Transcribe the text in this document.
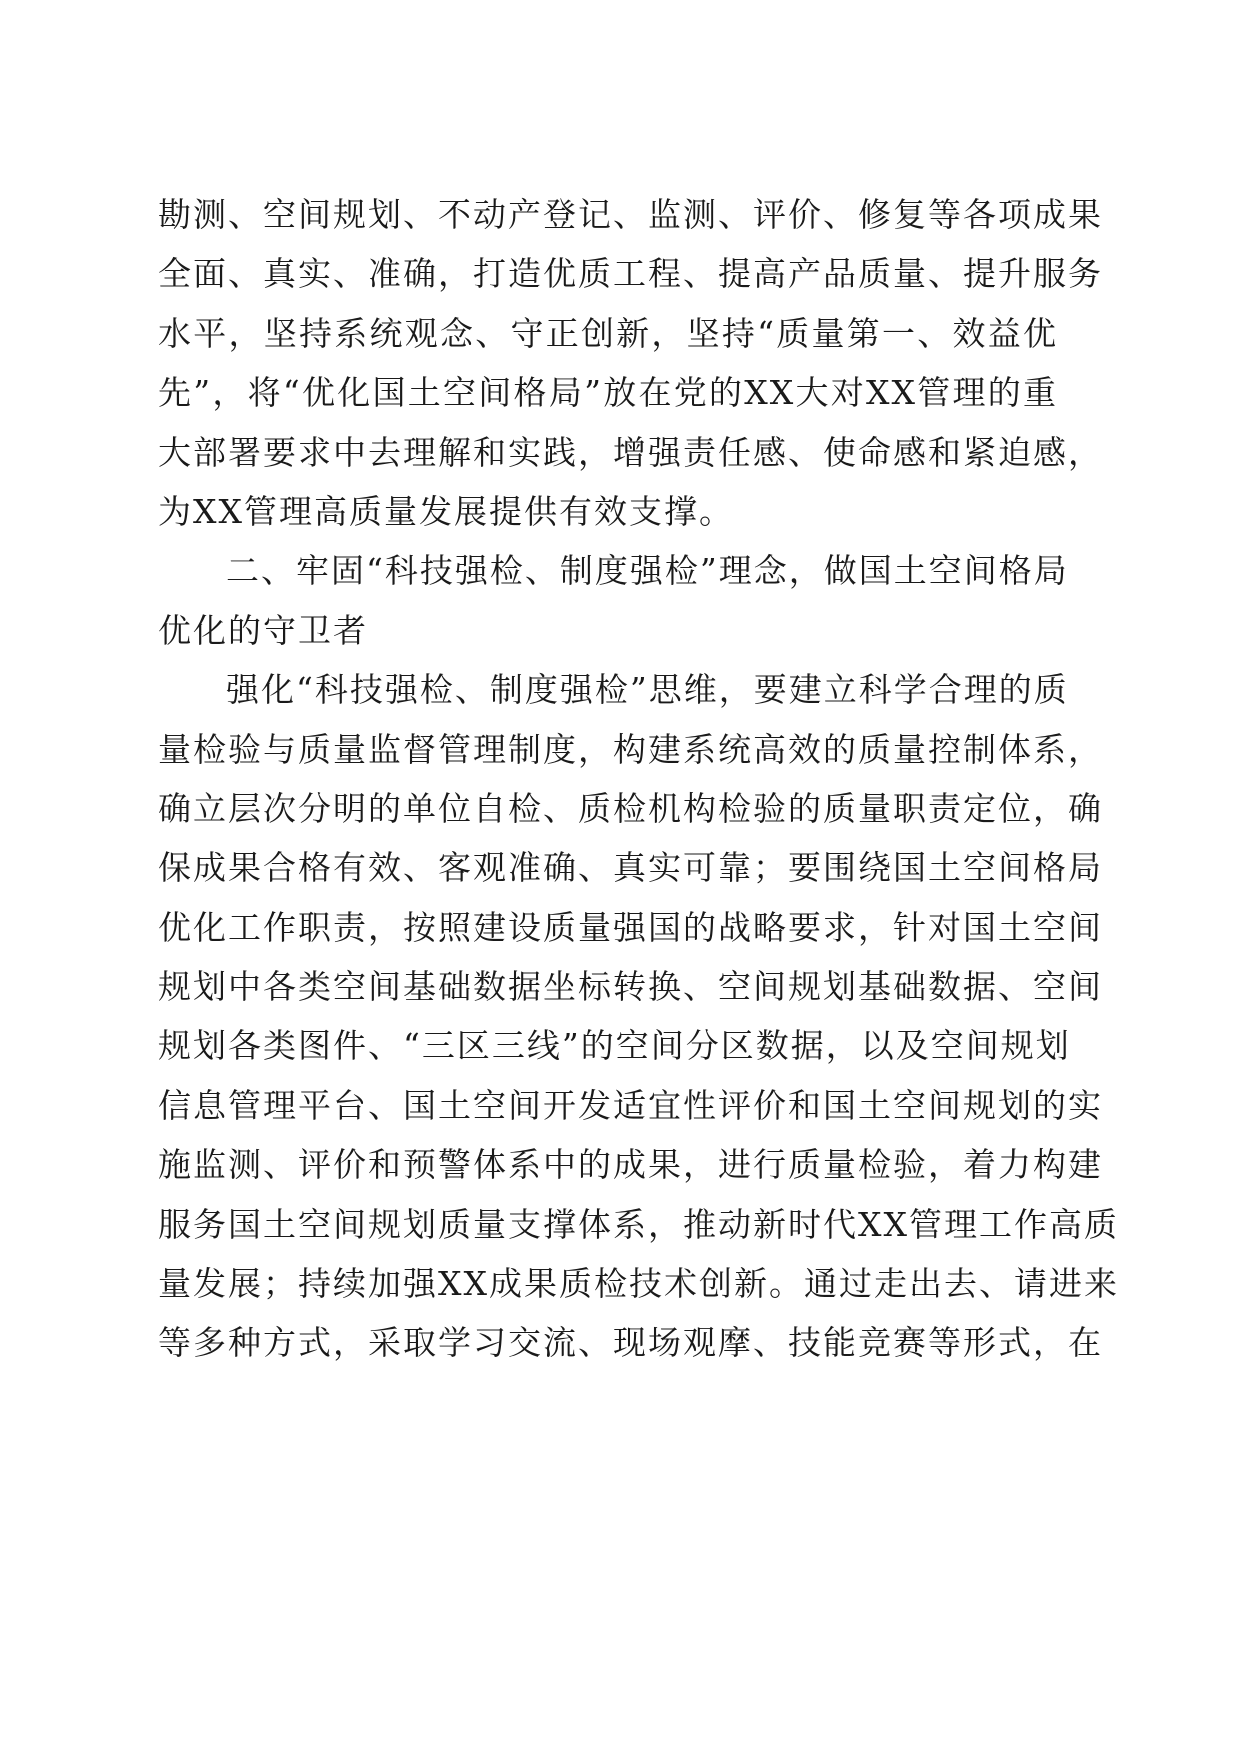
勘测、空间规划、不动产登记、监测、评价、修复等各项成果
全面、真实、准确，打造优质工程、提高产品质量、提升服务
水平，坚持系统观念、守正创新，坚持“质量第一、效益优
先”，将“优化国土空间格局”放在党的XX大对XX管理的重
大部署要求中去理解和实践，增强责任感、使命感和紧迫感，
为XX管理高质量发展提供有效支撑。
二、牢固“科技强检、制度强检”理念，做国土空间格局
优化的守卫者
强化“科技强检、制度强检”思维，要建立科学合理的质
量检验与质量监督管理制度，构建系统高效的质量控制体系，
确立层次分明的单位自检、质检机构检验的质量职责定位，确
保成果合格有效、客观准确、真实可靠；要围绕国土空间格局
优化工作职责，按照建设质量强国的战略要求，针对国土空间
规划中各类空间基础数据坐标转换、空间规划基础数据、空间
规划各类图件、“三区三线”的空间分区数据，以及空间规划
信息管理平台、国土空间开发适宜性评价和国土空间规划的实
施监测、评价和预警体系中的成果，进行质量检验，着力构建
服务国土空间规划质量支撑体系，推动新时代XX管理工作高质
量发展；持续加强XX成果质检技术创新。通过走出去、请进来
等多种方式，采取学习交流、现场观摩、技能竞赛等形式，在
